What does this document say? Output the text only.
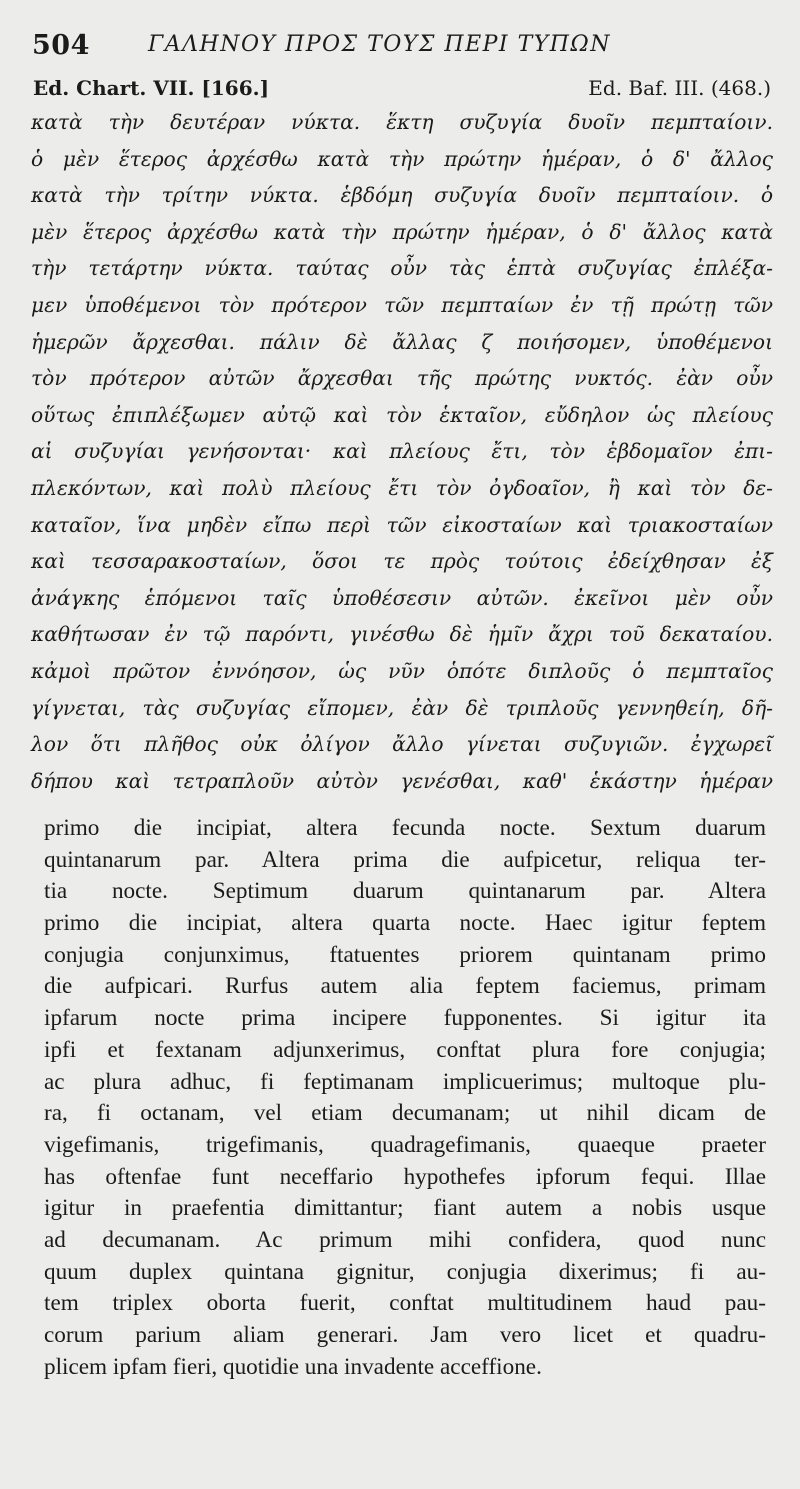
504	ΓΑΛΗΝΟΥ ΠΡΟΣ ΤΟΥΣ ΠΕΡΙ ΤΥΠΩΝ
Ed. Chart. VII. [166.]	Ed. Baf. III. (468.)
κατὰ τὴν δευτέραν νύκτα. ἕκτη συζυγία δυοῖν πεμπταίοιν.
ὁ μὲν ἕτερος ἀρχέσθω κατὰ τὴν πρώτην ἡμέραν, ὁ δ' ἄλλος
κατὰ τὴν τρίτην νύκτα. ἑβδόμη συζυγία δυοῖν πεμπταίοιν. ὁ
μὲν ἕτερος ἀρχέσθω κατὰ τὴν πρώτην ἡμέραν, ὁ δ' ἄλλος κατὰ
τὴν τετάρτην νύκτα. ταύτας οὖν τὰς ἑπτὰ συζυγίας ἐπλέξα-
μεν ὑποθέμενοι τὸν πρότερον τῶν πεμπταίων ἐν τῇ πρώτῃ τῶν
ἡμερῶν ἄρχεσθαι. πάλιν δὲ ἄλλας ζ ποιήσομεν, ὑποθέμενοι
τὸν πρότερον αὐτῶν ἄρχεσθαι τῆς πρώτης νυκτός. ἐὰν οὖν
οὕτως ἐπιπλέξωμεν αὐτῷ καὶ τὸν ἑκταῖον, εὔδηλον ὡς πλείους
αἱ συζυγίαι γενήσονται· καὶ πλείους ἔτι, τὸν ἑβδομαῖον ἐπι-
πλεκόντων, καὶ πολὺ πλείους ἔτι τὸν ὀγδοαῖον, ἢ καὶ τὸν δε-
καταῖον, ἵνα μηδὲν εἴπω περὶ τῶν εἰκοσταίων καὶ τριακοσταίων
καὶ τεσσαρακοσταίων, ὅσοι τε πρὸς τούτοις ἐδείχθησαν ἐξ
ἀνάγκης ἑπόμενοι ταῖς ὑποθέσεσιν αὐτῶν. ἐκεῖνοι μὲν οὖν
καθήτωσαν ἐν τῷ παρόντι, γινέσθω δὲ ἡμῖν ἄχρι τοῦ δεκαταίου.
κἀμοὶ πρῶτον ἐννόησον, ὡς νῦν ὁπότε διπλοῦς ὁ πεμπταῖος
γίγνεται, τὰς συζυγίας εἴπομεν, ἐὰν δὲ τριπλοῦς γεννηθείη, δῆ-
λον ὅτι πλῆθος οὐκ ὀλίγον ἄλλο γίνεται συζυγιῶν. ἐγχωρεῖ
δήπου καὶ τετραπλοῦν αὐτὸν γενέσθαι, καθ' ἑκάστην ἡμέραν
primo die incipiat, altera fecunda nocte. Sextum duarum
quintanarum par. Altera prima die aufpicetur, reliqua ter-
tia nocte. Septimum duarum quintanarum par. Altera
primo die incipiat, altera quarta nocte. Haec igitur feptem
conjugia conjunximus, ftatuentes priorem quintanam primo
die aufpicari. Rurfus autem alia feptem faciemus, primam
ipfarum nocte prima incipere fupponentes. Si igitur ita
ipfi et fextanam adjunxerimus, conftat plura fore conjugia;
ac plura adhuc, fi feptimanam implicuerimus; multoque plu-
ra, fi octanam, vel etiam decumanam; ut nihil dicam de
vigefimanis, trigefimanis, quadragefimanis, quaeque praeter
has oftenfae funt neceffario hypothefes ipforum fequi. Illae
igitur in praefentia dimittantur; fiant autem a nobis usque
ad decumanam. Ac primum mihi confidera, quod nunc
quum duplex quintana gignitur, conjugia dixerimus; fi au-
tem triplex oborta fuerit, conftat multitudinem haud pau-
corum parium aliam generari. Jam vero licet et quadru-
plicem ipfam fieri, quotidie una invadente acceffione.
